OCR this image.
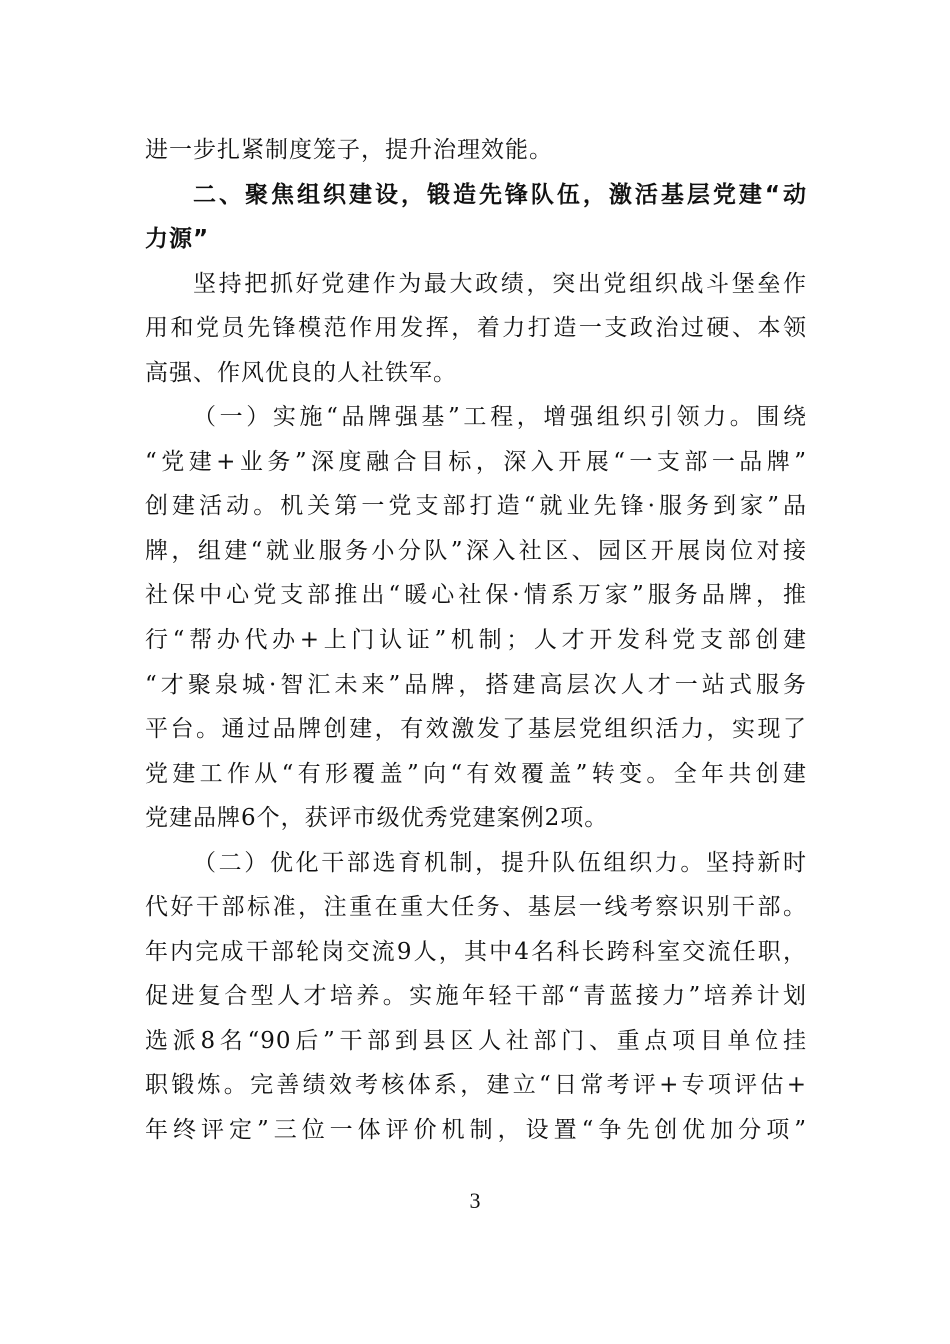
进一步扎紧制度笼子，提升治理效能。
二、聚焦组织建设，锻造先锋队伍，激活基层党建“动
力源”
坚持把抓好党建作为最大政绩，突出党组织战斗堡垒作
用和党员先锋模范作用发挥，着力打造一支政治过硬、本领
高强、作风优良的人社铁军。
（一）实施“品牌强基”工程，增强组织引领力。围绕
“党建+业务”深度融合目标，深入开展“一支部一品牌”
创建活动。机关第一党支部打造“就业先锋·服务到家”品
牌，组建“就业服务小分队”深入社区、园区开展岗位对接
社保中心党支部推出“暖心社保·情系万家”服务品牌，推
行“帮办代办+上门认证”机制；人才开发科党支部创建
“才聚泉城·智汇未来”品牌，搭建高层次人才一站式服务
平台。通过品牌创建，有效激发了基层党组织活力，实现了
党建工作从“有形覆盖”向“有效覆盖”转变。全年共创建
党建品牌6个，获评市级优秀党建案例2项。
（二）优化干部选育机制，提升队伍组织力。坚持新时
代好干部标准，注重在重大任务、基层一线考察识别干部。
年内完成干部轮岗交流9人，其中4名科长跨科室交流任职，
促进复合型人才培养。实施年轻干部“青蓝接力”培养计划
选派8名“90后”干部到县区人社部门、重点项目单位挂
职锻炼。完善绩效考核体系，建立“日常考评+专项评估+
年终评定”三位一体评价机制，设置“争先创优加分项”
3
